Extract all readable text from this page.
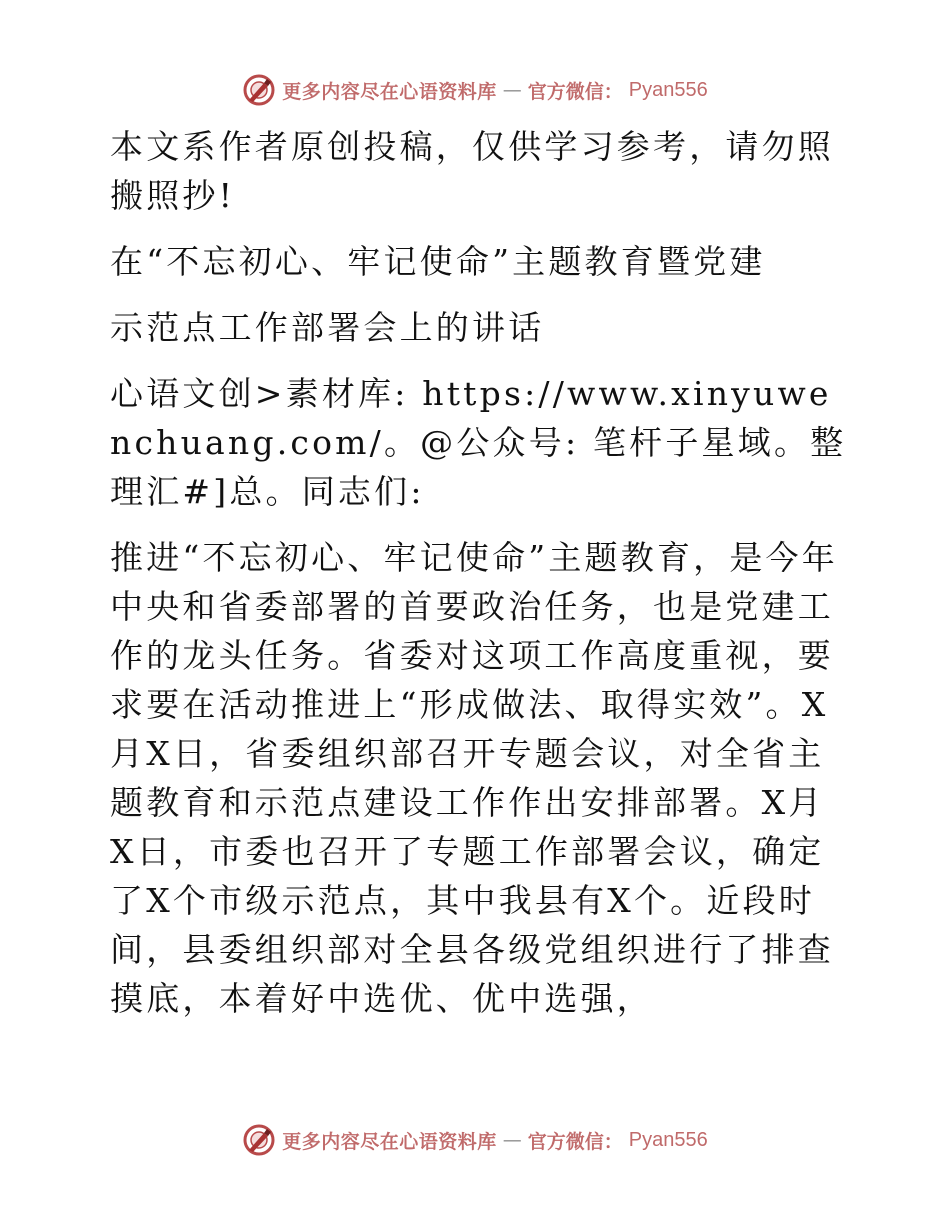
更多内容尽在心语资料库 — 官方微信： Pyan556

本文系作者原创投稿，仅供学习参考，请勿照搬照抄!

在“不忘初心、牢记使命”主题教育暨党建

示范点工作部署会上的讲话

心语文创>素材库: https://www.xinyuwenchuang.com/。@公众号: 笔杆子星域。整理汇#]总。同志们:

推进“不忘初心、牢记使命”主题教育，是今年中央和省委部署的首要政治任务，也是党建工作的龙头任务。省委对这项工作高度重视，要求要在活动推进上“形成做法、取得实效”。X月X日，省委组织部召开专题会议，对全省主题教育和示范点建设工作作出安排部署。X月X日，市委也召开了专题工作部署会议，确定了X个市级示范点，其中我县有X个。近段时间，县委组织部对全县各级党组织进行了排查摸底，本着好中选优、优中选强，

更多内容尽在心语资料库 — 官方微信： Pyan556
